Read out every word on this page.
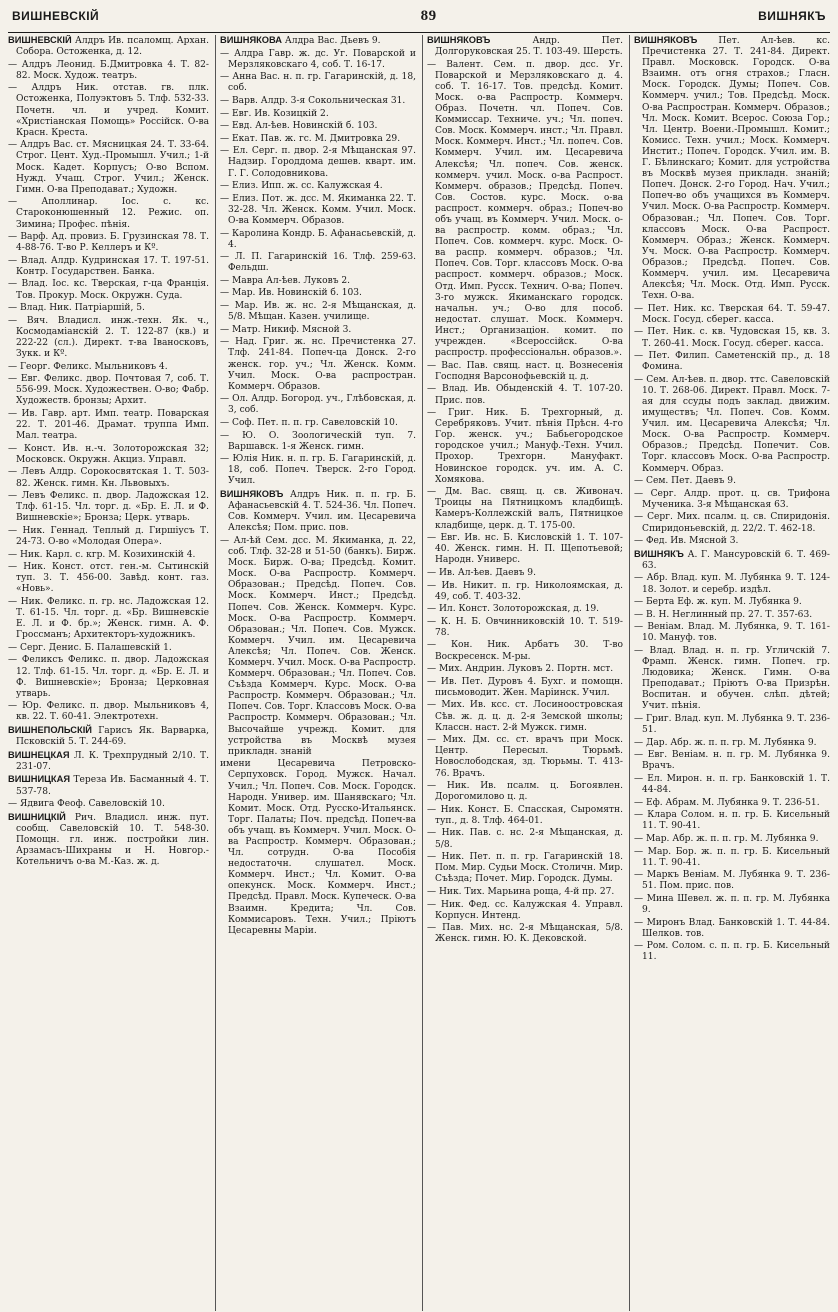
ВИШНЕВСКІЙ	89	ВИШНЯКЪ

ВИШНЕВСКІЙ Алдръ Ив. псаломщ. Архан. Собора. Остоженка, д. 12.

— Алдръ Леонид. Б.Дмитровка 4. Т. 82-82. Моск. Худож. театръ.

— Алдръ Ник. отстав. гв. плк. Остоженка, Полуэктовъ 5. Тлф. 532-33. Почетн. чл. и учред. Комит. «Христіанская Помощь» Россійск. О-ва Красн. Креста.

— Алдръ Вас. ст. Мясницкая 24. Т. 33-64. Строг. Цент. Худ.-Промышл. Учил.; 1-й Моск. Кадет. Корпусъ; О-во Вспом. Нужд. Учащ. Строг. Учил.; Женск. Гимн. О-ва Преподават.; Художн.

— Аполлинар. Іос. с. кс. Староконюшенный 12. Режис. оп. Зимина; Профес. пѣнія.

— Варф. Ад. провиз. Б. Грузинская 78. Т. 4-88-76. Т-во Р. Келлеръ и Кº.

— Влад. Алдр. Кудринская 17. Т. 197-51. Контр. Государствен. Банка.

— Влад. Іос. кс. Тверская, г-ца Франція. Тов. Прокур. Моск. Окружн. Суда.

— Влад. Ник. Патріаршій, 5.

— Вяч. Владисл. инж.-техн. Як. ч., Космодаміанскій 2. Т. 122-87 (кв.) и 222-22 (сл.). Директ. т-ва Іваносковъ, Зукк. и Кº.

— Георг. Феликс. Мыльниковъ 4.

— Евг. Феликс. двор. Почтовая 7, соб. Т. 556-99. Моск. Художествен. О-во; Фабр. Художеств. бронзы; Архит.

— Ив. Гавр. арт. Имп. театр. Поварская 22. Т. 201-46. Драмат. труппа Имп. Мал. театра.

— Конст. Ив. н.-ч. Золоторожская 32; Московск. Окружн. Акциз. Управл.

— Левъ Алдр. Сорокосвятская 1. Т. 503-82. Женск. гимн. Кн. Львовыхъ.

— Левъ Феликс. п. двор. Ладожская 12. Тлф. 61-15. Чл. торг. д. «Бр. Е. Л. и Ф. Вишневскіе»; Бронза; Церк. утварь.

— Ник. Геннад. Теплый д. Гиршіусъ Т. 24-73. О-во «Молодая Опера».

— Ник. Карл. с. кгр. М. Козихинскій 4.

— Ник. Конст. отст. ген.-м. Сытинскій туп. 3. Т. 456-00. Завѣд. конт. газ. «Новь».

— Ник. Феликс. п. гр. нс. Ладожская 12. Т. 61-15. Чл. торг. д. «Бр. Вишневскіе Е. Л. и Ф. бр.»; Женск. гимн. А. Ф. Гроссманъ; Архитекторъ-художникъ.

— Серг. Денис. Б. Палашевскій 1.

— Феликсъ Феликс. п. двор. Ладожская 12. Тлф. 61-15. Чл. торг. д. «Бр. Е. Л. и Ф. Вишневскіе»; Бронза; Церковная утварь.

— Юр. Феликс. п. двор. Мыльниковъ 4, кв. 22. Т. 60-41. Электротехн.

ВИШНЕПОЛЬСКІЙ Гарисъ Як. Варварка, Псковскій 5. Т. 244-69.

ВИШНЕЦКАЯ Л. К. Трехпрудный 2/10. Т. 231-07.

ВИШНИЦКАЯ Тереза Ив. Басманный 4. Т. 537-78.

— Ядвига Феоф. Савеловскій 10.

ВИШНИЦКІЙ Рич. Владисл. инж. пут. сообщ. Савеловскій 10. Т. 548-30. Помощн. гл. инж. постройки лин. Арзамасъ-Шихраны и Н. Новгор.-Котельничъ о-ва М.-Каз. ж. д.

ВИШНЯКОВА Алдра Вас. Дьевъ 9.

— Алдра Гавр. ж. дс. Уг. Поварской и Мерзляковскаго 4, соб. Т. 16-17.

— Анна Вас. н. п. гр. Гагаринскій, д. 18, соб.

— Варв. Алдр. 3-я Сокольническая 31.

— Евг. Ив. Козицкій 2.

— Евд. Ал-ѣев. Новинскій б. 103.

— Екат. Пав. ж. гс. М. Дмитровка 29.

— Ел. Серг. п. двор. 2-я Мѣщанская 97. Надзир. Городдома дешев. кварт. им. Г. Г. Солодовникова.

— Елиз. Ипп. ж. сс. Калужская 4.

— Елиз. Пот. ж. дсс. М. Якиманка 22. Т. 32-28. Чл. Женск. Комм. Учил. Моск. О-ва Коммерч. Образов.

— Каролина Кондр. Б. Афанасьевскій, д. 4.

— Л. П. Гагаринскій 16. Тлф. 259-63. Фельдш.

— Мавра Ал-ѣев. Луковъ 2.

— Мар. Ив. Новинскій б. 103.

— Мар. Ив. ж. нс. 2-я Мѣщанская, д. 5/8. Мѣщан. Казен. училище.

— Матр. Никиф. Мясной 3.

— Над. Григ. ж. нс. Пречистенка 27. Тлф. 241-84. Попеч-ца Донск. 2-го женск. гор. уч.; Чл. Женск. Комм. Учил. Моск. О-ва распростран. Коммерч. Образов.

— Ол. Алдр. Богород. уч., Глѣбовская, д. 3, соб.

— Соф. Пет. п. п. гр. Савеловскій 10.

— Ю. О. Зоологическій туп. 7. Варшавск. 1-я Женск. гимн.

— Юлія Ник. н. п. гр. Б. Гагаринскій, д. 18, соб. Попеч. Тверск. 2-го Город. Учил.

ВИШНЯКОВЪ Алдръ Ник. п. п. гр. Б. Афанасьевскій 4. Т. 524-36. Чл. Попеч. Сов. Коммерч. Учил. им. Цесаревича Алексѣя; Пом. прис. пов.

— Ал-ѣй Сем. дсс. М. Якиманка, д. 22, соб. Тлф. 32-28 и 51-50 (банкъ). Бирж. Моск. Бирж. О-ва; Предсѣд. Комит. Моск. О-ва Распростр. Коммерч. Образован.; Предсѣд. Попеч. Сов. Моск. Коммерч. Инст.; Предсѣд. Попеч. Сов. Женск. Коммерч. Курс. Моск. О-ва Распростр. Коммерч. Образован.; Чл. Попеч. Сов. Мужск. Коммерч. Учил. им. Цесаревича Алексѣя; Чл. Попеч. Сов. Женск. Коммерч. Учил. Моск. О-ва Распростр. Коммерч. Образован.; Чл. Попеч. Сов. Съѣзда Коммерч. Курс. Моск. О-ва Распростр. Коммерч. Образован.; Чл. Попеч. Сов. Торг. Классовъ Моск. О-ва Распростр. Коммерч. Образован.; Чл. Высочайше учрежд. Комит. для устройства въ Москвѣ музея прикладн. знаній

имени Цесаревича Петровско-Серпуховск. Город. Мужск. Начал. Учил.; Чл. Попеч. Сов. Моск. Городск. Народн. Универ. им. Шанявскаго; Чл. Комит. Моск. Отд. Русско-Итальянск. Торг. Палаты; Поч. предсѣд. Попеч-ва объ учащ. въ Коммерч. Учил. Моск. О-ва Распростр. Коммерч. Образован.; Чл. сотрудн. О-ва Пособія недостаточн. слушател. Моск. Коммерч. Инст.; Чл. Комит. О-ва опекунск. Моск. Коммерч. Инст.; Предсѣд. Правл. Моск. Купеческ. О-ва Взаимн. Кредита; Чл. Сов. Коммисаровъ. Техн. Учил.; Пріютъ Цесаревны Маріи.

ВИШНЯКОВЪ	Андр. Пет. Долгоруковская 25. Т. 103-49. Шерсть.

— Валент. Сем. п. двор. дсс. Уг. Поварской и Мерзляковскаго д. 4. соб. Т. 16-17. Тов. предсѣд. Комит. Моск. о-ва Распростр. Коммерч. Образ. Почетн. чл. Попеч. Сов. Коммиссар. Техниче. уч.; Чл. попеч. Сов. Моск. Коммерч. инст.; Чл. Правл. Моск. Коммерч. Инст.; Чл. попеч. Сов. Коммерч. Учил. им. Цесаревича Алексѣя; Чл. попеч. Сов. женск. коммерч. учил. Моск. о-ва Распрост. Коммерч. образов.; Предсѣд. Попеч. Сов. Состов. курс. Моск. о-ва распрост. коммерч. образ.; Попеч-во объ учащ. въ Коммерч. Учил. Моск. о-ва распростр. комм. образ.; Чл. Попеч. Сов. коммерч. курс. Моск. О-ва распр. коммерч. образов.; Чл. Попеч. Сов. Торг. классовъ Моск. О-ва распрост. коммерч. образов.; Моск. Отд. Имп. Русск. Технич. О-ва; Попеч. 3-го мужск. Якиманскаго городск. начальн. уч.; О-во для пособ. недостат. слушат. Моск. Коммерч. Инст.; Организаціон. комит. по учрежден. «Всероссійск. О-ва распростр. профессіональн. образов.».

— Вас. Пав. свящ. наст. ц. Вознесенія Господня Варсонофьевскій ц. д.

— Влад. Ив. Обыденскій 4. Т. 107-20. Прис. пов.

— Григ. Ник. Б. Трехгорный, д. Серебряковъ. Учит. пѣнія Прѣсн. 4-го Гор. женск. уч.; Бабьегородское городское учил.; Мануф.-Техн. Учил. Прохор. Трехгорн. Мануфакт. Новинское городск. уч. им. А. С. Хомякова.

— Дм. Вас. свящ. ц. св. Живонач. Троицы на Пятницкомъ кладбищѣ. Камеръ-Коллежскій валъ, Пятницкое кладбище, церк. д. Т. 175-00.

— Евг. Ив. нс. Б. Кисловскій 1. Т. 107-40. Женск. гимн. Н. П. Щепотьевой; Народн. Универс.

— Ив. Ал-ѣев. Даевъ 9.

— Ив. Никит. п. гр. Николоямская, д. 49, соб. Т. 403-32.

— Ил. Конст. Золоторожская, д. 19.

— К. Н. Б. Овчинниковскій 10. Т. 519-78.

— Кон. Ник. Арбатъ 30. Т-во Воскресенск. М-ры.

— Мих. Андрин. Луковъ 2. Портн. мст.

— Ив. Пет. Дуровъ 4. Бухг. и помощн. письмоводит. Жен. Маріинск. Учил.

— Мих. Ив. ксс. ст. Лосиноостровская Сѣв. ж. д. ц. д. 2-я Земской школы; Классн. наст. 2-й Мужск. гимн.

— Мих. Дм. сс. ст. врачъ при Моск. Центр. Пересыл. Тюрьмѣ. Новослободская, зд. Тюрьмы. Т. 413-76. Врачъ.

— Ник. Ив. псалм. ц. Богоявлен. Дорогомилово ц. д.

— Ник. Конст. Б. Спасская, Сыромятн. туп., д. 8. Тлф. 464-01.

— Ник. Пав. с. нс. 2-я Мѣщанская, д. 5/8.

— Ник. Пет. п. п. гр. Гагаринскій 18. Пом. Мир. Судьи Моск. Столичн. Мир. Съѣзда; Почет. Мир. Городск. Думы.

— Ник. Тих. Марьина роща, 4-й пр. 27.

— Ник. Фед. сс. Калужская 4. Управл. Корпусн. Интенд.

— Пав. Мих. нс. 2-я Мѣщанская, 5/8. Женск. гимн. Ю. К. Дековской.

ВИШНЯКОВЪ Пет. Ал-ѣев. кс. Пречистенка 27. Т. 241-84. Директ. Правл. Московск. Городск. О-ва Взаимн. отъ огня страхов.; Гласн. Моск. Городск. Думы; Попеч. Сов. Коммерч. учил.; Тов. Предсѣд. Моск. О-ва Распростран. Коммерч. Образов.; Чл. Моск. Комит. Всерос. Союза Гор.; Чл. Центр. Воени.-Промышл. Комит.; Комисс. Техн. учил.; Моск. Коммерч. Инстит.; Попеч. Городск. Учил. им. В. Г. Бѣлинскаго; Комит. для устройства въ Москвѣ музея прикладн. знаній; Попеч. Донск. 2-го Город. Нач. Учил.; Попеч-во объ учащихся въ Коммерч. Учил. Моск. О-ва Распростр. Коммерч. Образован.; Чл. Попеч. Сов. Торг. классовъ Моск. О-ва Распрост. Коммерч. Образ.; Женск. Коммерч. Уч. Моск. О-ва Распростр. Коммерч. Образов.; Предсѣд. Попеч. Сов. Коммерч. учил. им. Цесаревича Алексѣя; Чл. Моск. Отд. Имп. Русск. Техн. О-ва.

— Пет. Ник. кс. Тверская 64. Т. 59-47. Моск. Госуд. сберег. касса.

— Пет. Ник. с. кв. Чудовская 15, кв. 3. Т. 260-41. Моск. Госуд. сберег. касса.

— Пет. Филип. Саметенскій пр., д. 18 Фомина.

— Сем. Ал-ѣев. п. двор. ттс. Савеловскій 10. Т. 268-06. Директ. Правл. Моск. 7-ая для ссуды подъ заклад. движим. имуществъ; Чл. Попеч. Сов. Комм. Учил. им. Цесаревича Алексѣя; Чл. Моск. О-ва Распростр. Коммерч. Образов.; Предсѣд. Попечит. Сов. Торг. классовъ Моск. О-ва Распростр. Коммерч. Образ.

— Сем. Пет. Даевъ 9.

— Серг. Алдр. прот. ц. св. Трифона Мученика. 3-я Мѣщанская 63.

— Серг. Мих. псалм. ц. св. Спиридонія. Спиридоньевскій, д. 22/2. Т. 462-18.

— Фед. Ив. Мясной 3.

ВИШНЯКЪ А. Г. Мансуровскій 6. Т. 469-63.

— Абр. Влад. куп. М. Лубянка 9. Т. 124-18. Золот. и серебр. издѣл.

— Берта Еф. ж. куп. М. Лубянка 9.

— В. Н. Неглинный пр. 27. Т. 357-63.

— Веніам. Влад. М. Лубянка, 9. Т. 161-10. Мануф. тов.

— Влад. Влад. н. п. гр. Угличскій 7. Фрамп. Женск. гимн. Попеч. гр. Людовика; Женск. Гимн. О-ва Преподават.; Пріютъ О-ва Призрѣн. Воспитан. и обучен. слѣп. дѣтей; Учит. пѣнія.

— Григ. Влад. куп. М. Лубянка 9. Т. 236-51.

— Дар. Абр. ж. п. п. гр. М. Лубянка 9.

— Евг. Веніам. н. п. гр. М. Лубянка 9. Врачъ.

— Ел. Мирон. н. п. гр. Банковскій 1. Т. 44-84.

— Еф. Абрам. М. Лубянка 9. Т. 236-51.

— Клара Солом. н. п. гр. Б. Кисельный 11. Т. 90-41.

— Мар. Абр. ж. п. п. гр. М. Лубянка 9.

— Мар. Бор. ж. п. п. гр. Б. Кисельный 11. Т. 90-41.

— Маркъ Веніам. М. Лубянка 9. Т. 236-51. Пом. прис. пов.

— Мина Шевел. ж. п. п. гр. М. Лубянка 9.

— Миронъ Влад. Банковскій 1. Т. 44-84. Шелков. тов.

— Ром. Солом. с. п. п. гр. Б. Кисельный 11.
